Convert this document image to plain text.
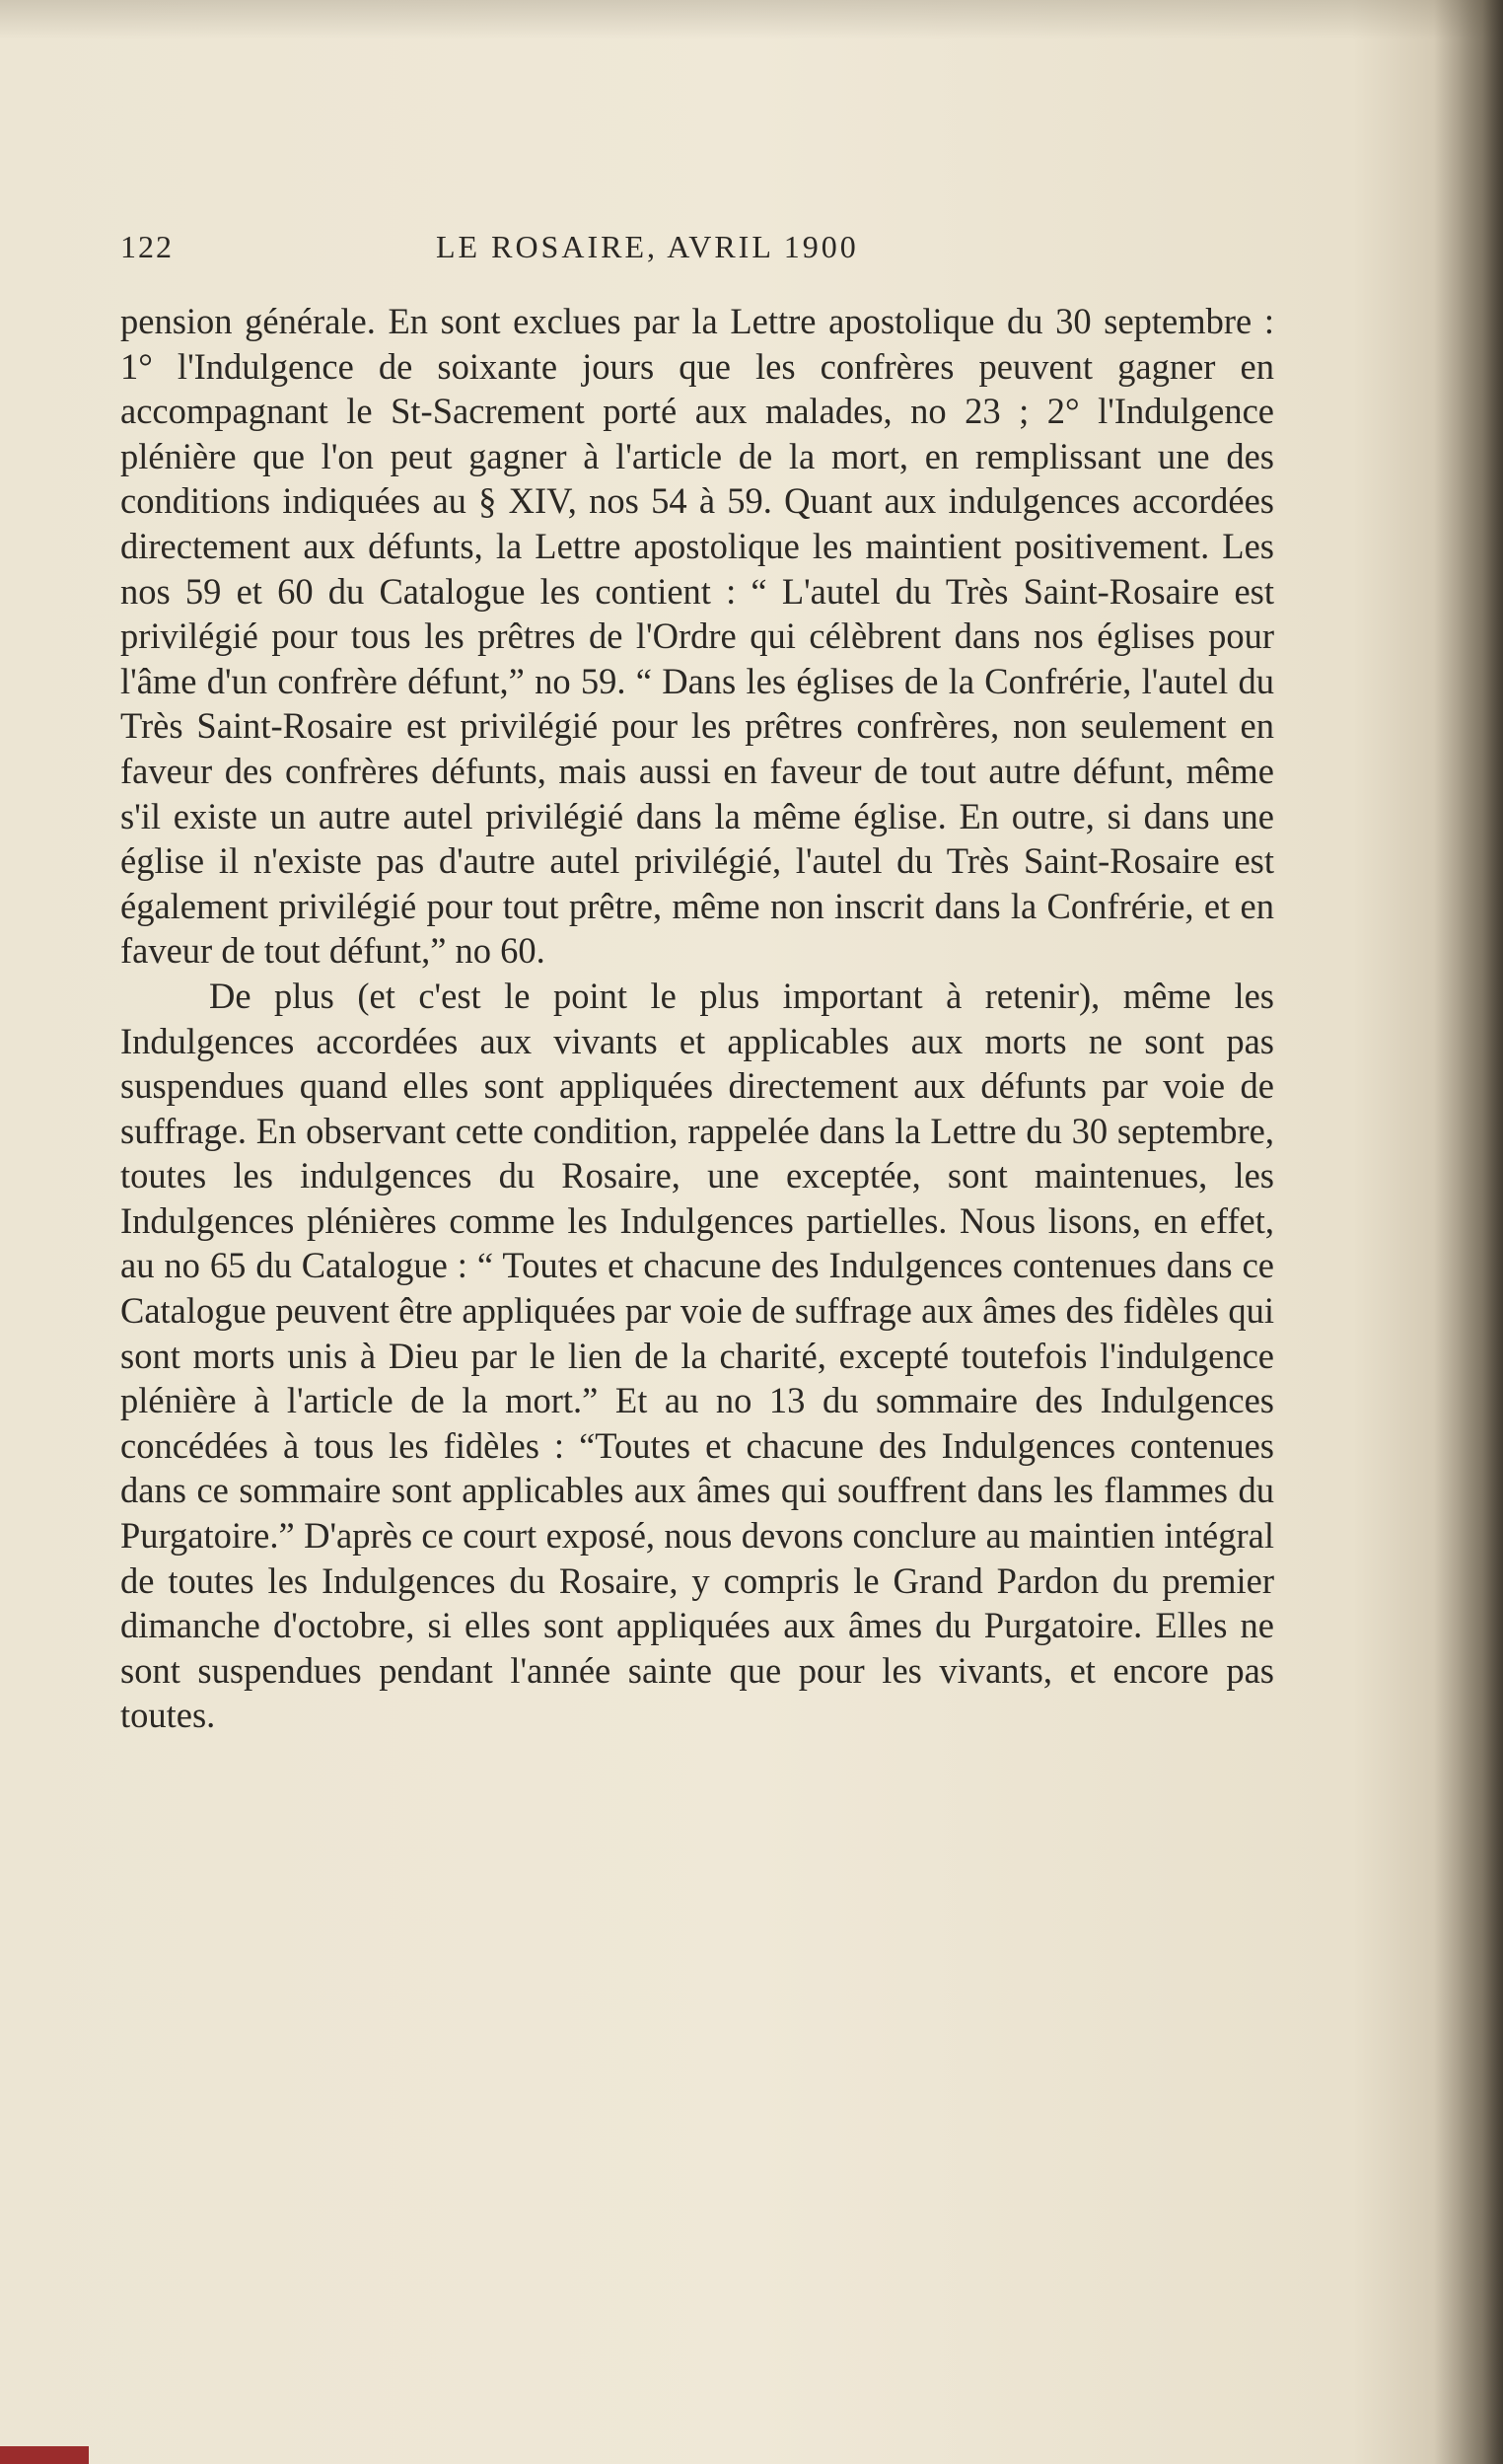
122	LE ROSAIRE, AVRIL 1900

pension générale. En sont exclues par la Lettre apostolique du 30 septembre : 1° l'Indulgence de soixante jours que les confrères peuvent gagner en accompagnant le St-Sacrement porté aux malades, no 23 ; 2° l'Indulgence plénière que l'on peut gagner à l'article de la mort, en remplissant une des conditions indiquées au § XIV, nos 54 à 59. Quant aux indulgences accordées directement aux défunts, la Lettre apostolique les maintient positivement. Les nos 59 et 60 du Catalogue les contient : “ L'autel du Très Saint-Rosaire est privilégié pour tous les prêtres de l'Ordre qui célèbrent dans nos églises pour l'âme d'un confrère défunt,” no 59. “ Dans les églises de la Confrérie, l'autel du Très Saint-Rosaire est privilégié pour les prêtres confrères, non seulement en faveur des confrères défunts, mais aussi en faveur de tout autre défunt, même s'il existe un autre autel privilégié dans la même église. En outre, si dans une église il n'existe pas d'autre autel privilégié, l'autel du Très Saint-Rosaire est également privilégié pour tout prêtre, même non inscrit dans la Confrérie, et en faveur de tout défunt,” no 60.

De plus (et c'est le point le plus important à retenir), même les Indulgences accordées aux vivants et applicables aux morts ne sont pas suspendues quand elles sont appliquées directement aux défunts par voie de suffrage. En observant cette condition, rappelée dans la Lettre du 30 septembre, toutes les indulgences du Rosaire, une exceptée, sont maintenues, les Indulgences plénières comme les Indulgences partielles. Nous lisons, en effet, au no 65 du Catalogue : “ Toutes et chacune des Indulgences contenues dans ce Catalogue peuvent être appliquées par voie de suffrage aux âmes des fidèles qui sont morts unis à Dieu par le lien de la charité, excepté toutefois l'indulgence plénière à l'article de la mort.” Et au no 13 du sommaire des Indulgences concédées à tous les fidèles : “Toutes et chacune des Indulgences contenues dans ce sommaire sont applicables aux âmes qui souffrent dans les flammes du Purgatoire.” D'après ce court exposé, nous devons conclure au maintien intégral de toutes les Indulgences du Rosaire, y compris le Grand Pardon du premier dimanche d'octobre, si elles sont appliquées aux âmes du Purgatoire. Elles ne sont suspendues pendant l'année sainte que pour les vivants, et encore pas toutes.
